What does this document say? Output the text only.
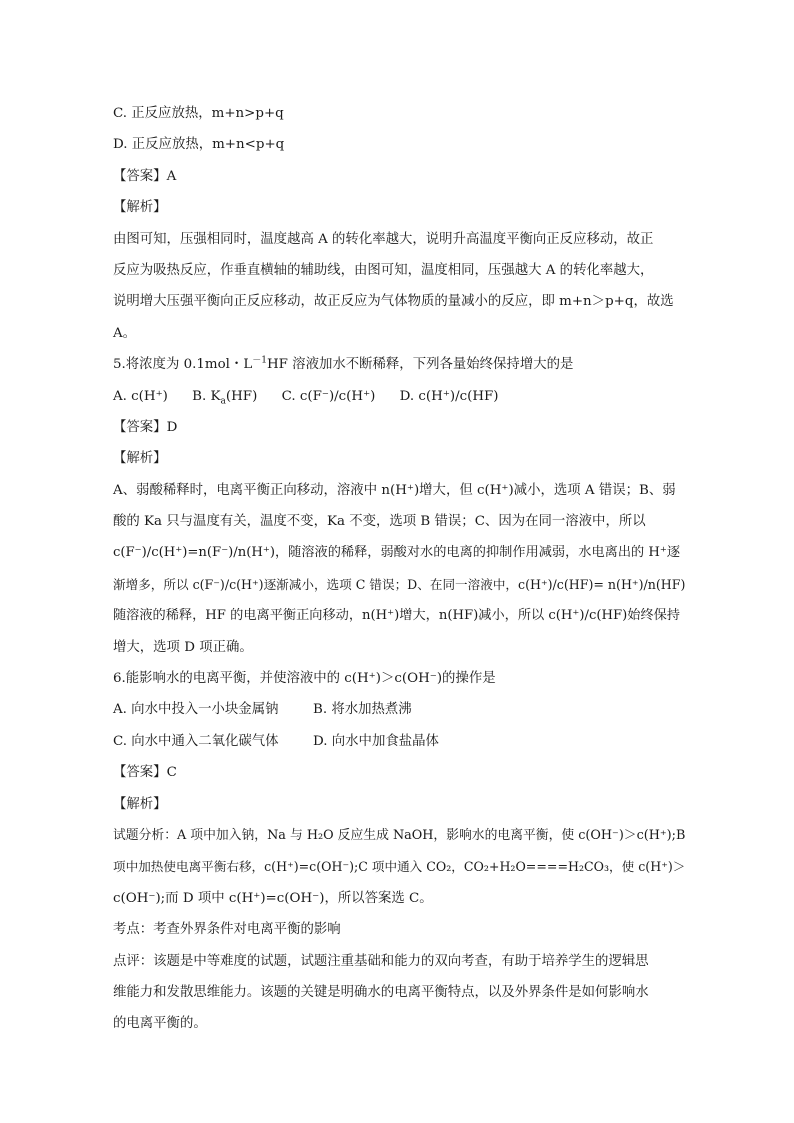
C. 正反应放热，m+n>p+q
D. 正反应放热，m+n<p+q
【答案】A
【解析】
由图可知，压强相同时，温度越高 A 的转化率越大，说明升高温度平衡向正反应移动，故正
反应为吸热反应，作垂直横轴的辅助线，由图可知，温度相同，压强越大 A 的转化率越大，
说明增大压强平衡向正反应移动，故正反应为气体物质的量减小的反应，即 m+n＞p+q，故选
A。
5.将浓度为 0.1mol・$L^{-1}HF$ 溶液加水不断稀释，下列各量始终保持增大的是
A. c(H⁺) B. $K_a(HF)$ C. c(F⁻)/c(H⁺) D. c(H⁺)/c(HF)
【答案】D
【解析】
A、弱酸稀释时，电离平衡正向移动，溶液中 n(H⁺)增大，但 c(H⁺)减小，选项 A 错误；B、弱
酸的 Ka 只与温度有关，温度不变，Ka 不变，选项 B 错误；C、因为在同一溶液中，所以
c(F⁻)/c(H⁺)=n(F⁻)/n(H⁺)，随溶液的稀释，弱酸对水的电离的抑制作用减弱，水电离出的 H⁺逐
渐增多，所以 c(F⁻)/c(H⁺)逐渐减小，选项 C 错误；D、在同一溶液中，c(H⁺)/c(HF)= n(H⁺)/n(HF)
随溶液的稀释，HF 的电离平衡正向移动，n(H⁺)增大，n(HF)减小，所以 c(H⁺)/c(HF)始终保持
增大，选项 D 项正确。
6.能影响水的电离平衡，并使溶液中的 c(H⁺)＞c(OH⁻)的操作是
A. 向水中投入一小块金属钠	B. 将水加热煮沸
C. 向水中通入二氧化碳气体	D. 向水中加食盐晶体
【答案】C
【解析】
试题分析：A 项中加入钠，Na 与 H₂O 反应生成 NaOH，影响水的电离平衡，使 c(OH⁻)＞c(H⁺);B
项中加热使电离平衡右移，c(H⁺)=c(OH⁻);C 项中通入 CO₂，CO₂+H₂O====H₂CO₃，使 c(H⁺)＞
c(OH⁻);而 D 项中 c(H⁺)=c(OH⁻)，所以答案选 C。
考点：考查外界条件对电离平衡的影响
点评：该题是中等难度的试题，试题注重基础和能力的双向考查，有助于培养学生的逻辑思
维能力和发散思维能力。该题的关键是明确水的电离平衡特点，以及外界条件是如何影响水
的电离平衡的。
